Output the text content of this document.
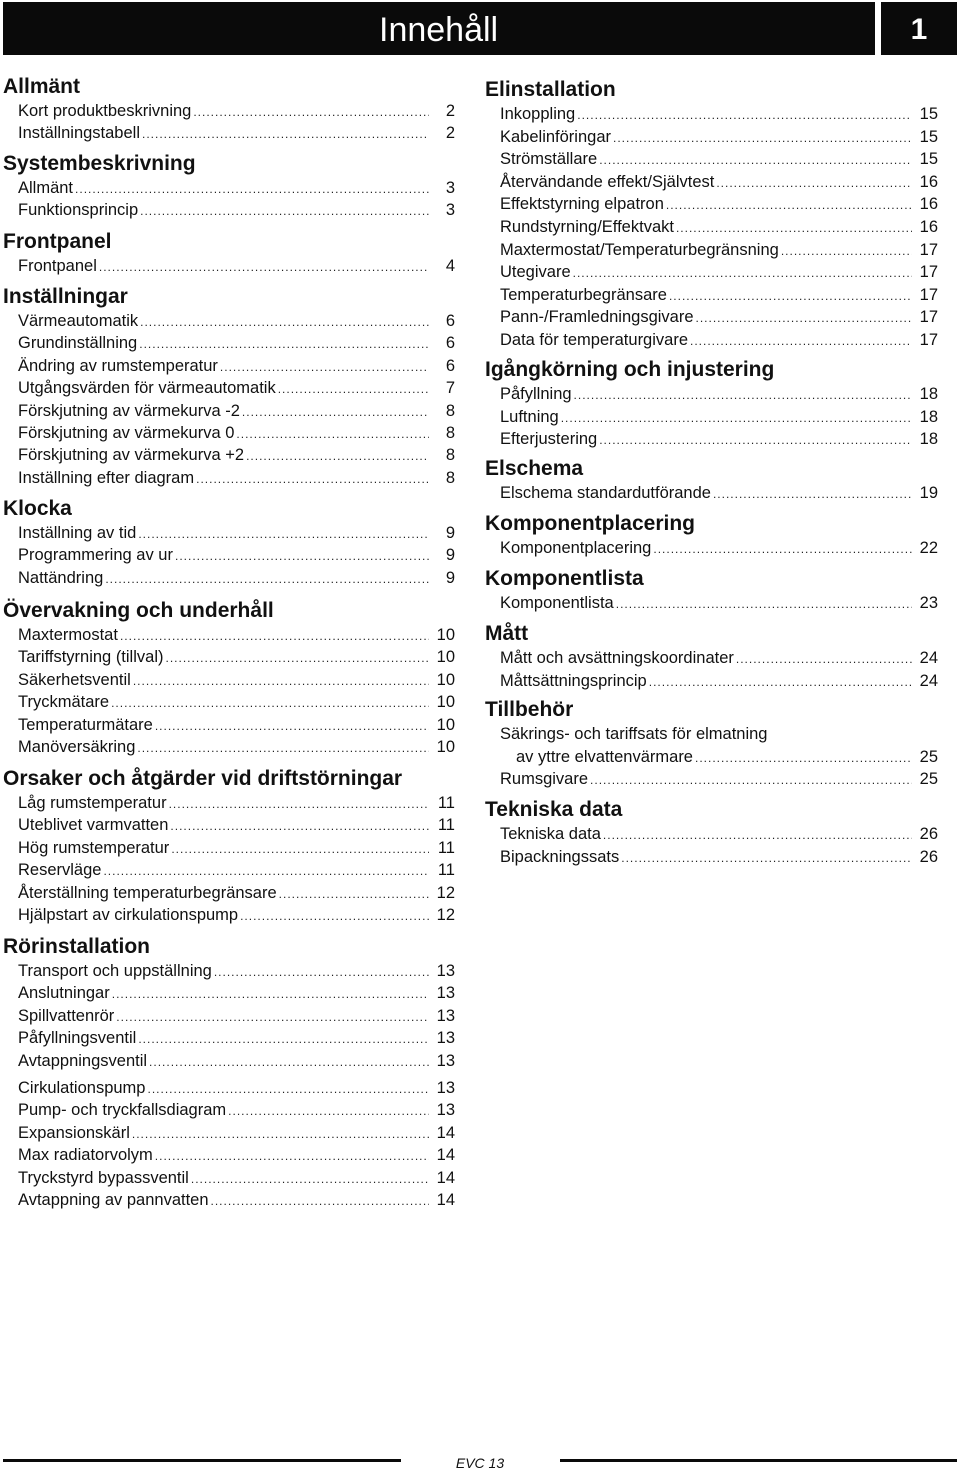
Innehåll	1
Allmänt
Kort produktbeskrivning .....	2
Inställningstabell .....	2
Systembeskrivning
Allmänt .....	3
Funktionsprincip .....	3
Frontpanel
Frontpanel .....	4
Inställningar
Värmeautomatik .....	6
Grundinställning .....	6
Ändring av rumstemperatur .....	6
Utgångsvärden för värmeautomatik .....	7
Förskjutning av värmekurva -2 .....	8
Förskjutning av värmekurva 0 .....	8
Förskjutning av värmekurva +2 .....	8
Inställning efter diagram .....	8
Klocka
Inställning av tid .....	9
Programmering av ur .....	9
Nattändring .....	9
Övervakning och underhåll
Maxtermostat .....	10
Tariffstyrning (tillval) .....	10
Säkerhetsventil .....	10
Tryckmätare .....	10
Temperaturmätare .....	10
Manöversäkring .....	10
Orsaker och åtgärder vid driftstörningar
Låg rumstemperatur .....	11
Uteblivet varmvatten .....	11
Hög rumstemperatur .....	11
Reservläge .....	11
Återställning temperaturbegränsare .....	12
Hjälpstart av cirkulationspump .....	12
Rörinstallation
Transport och uppställning .....	13
Anslutningar .....	13
Spillvattenrör .....	13
Påfyllningsventil .....	13
Avtappningsventil .....	13
Cirkulationspump .....	13
Pump- och tryckfallsdiagram .....	13
Expansionskärl .....	14
Max radiatorvolym .....	14
Tryckstyrd bypassventil .....	14
Avtappning av pannvatten .....	14
Elinstallation
Inkoppling .....	15
Kabelinföringar .....	15
Strömställare .....	15
Återvändande effekt/Självtest .....	16
Effektstyrning elpatron .....	16
Rundstyrning/Effektvakt .....	16
Maxtermostat/Temperaturbegränsning .....	17
Utegivare .....	17
Temperaturbegränsare .....	17
Pann-/Framledningsgivare .....	17
Data för temperaturgivare .....	17
Igångkörning och injustering
Påfyllning .....	18
Luftning .....	18
Efterjustering .....	18
Elschema
Elschema standardutförande .....	19
Komponentplacering
Komponentplacering .....	22
Komponentlista
Komponentlista .....	23
Mått
Mått och avsättningskoordinater .....	24
Måttsättningsprincip .....	24
Tillbehör
Säkrings- och tariffsats för elmatning
av yttre elvattenvärmare .....	25
Rumsgivare .....	25
Tekniska data
Tekniska data .....	26
Bipackningssats .....	26
EVC 13
